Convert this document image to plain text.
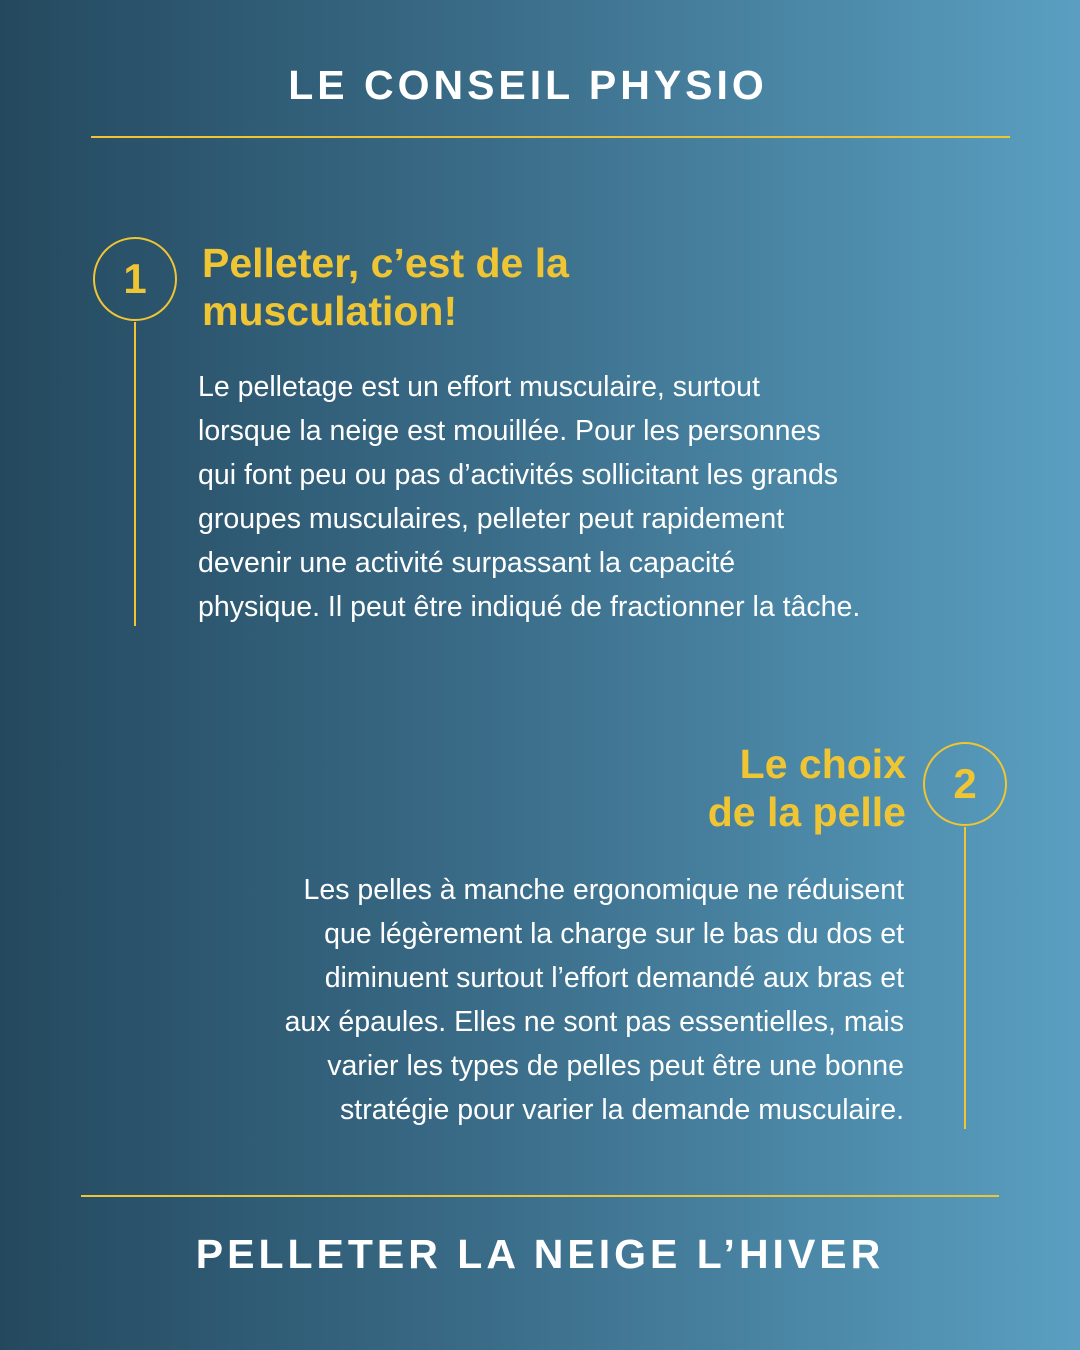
LE CONSEIL PHYSIO
1	Pelleter, c’est de la
musculation!

Le pelletage est un effort musculaire, surtout
lorsque la neige est mouillée. Pour les personnes
qui font peu ou pas d’activités sollicitant les grands
groupes musculaires, pelleter peut rapidement
devenir une activité surpassant la capacité
physique. Il peut être indiqué de fractionner la tâche.

2
Le choix
de la pelle

Les pelles à manche ergonomique ne réduisent
que légèrement la charge sur le bas du dos et
diminuent surtout l’effort demandé aux bras et
aux épaules. Elles ne sont pas essentielles, mais
varier les types de pelles peut être une bonne
stratégie pour varier la demande musculaire.

PELLETER LA NEIGE L’HIVER
